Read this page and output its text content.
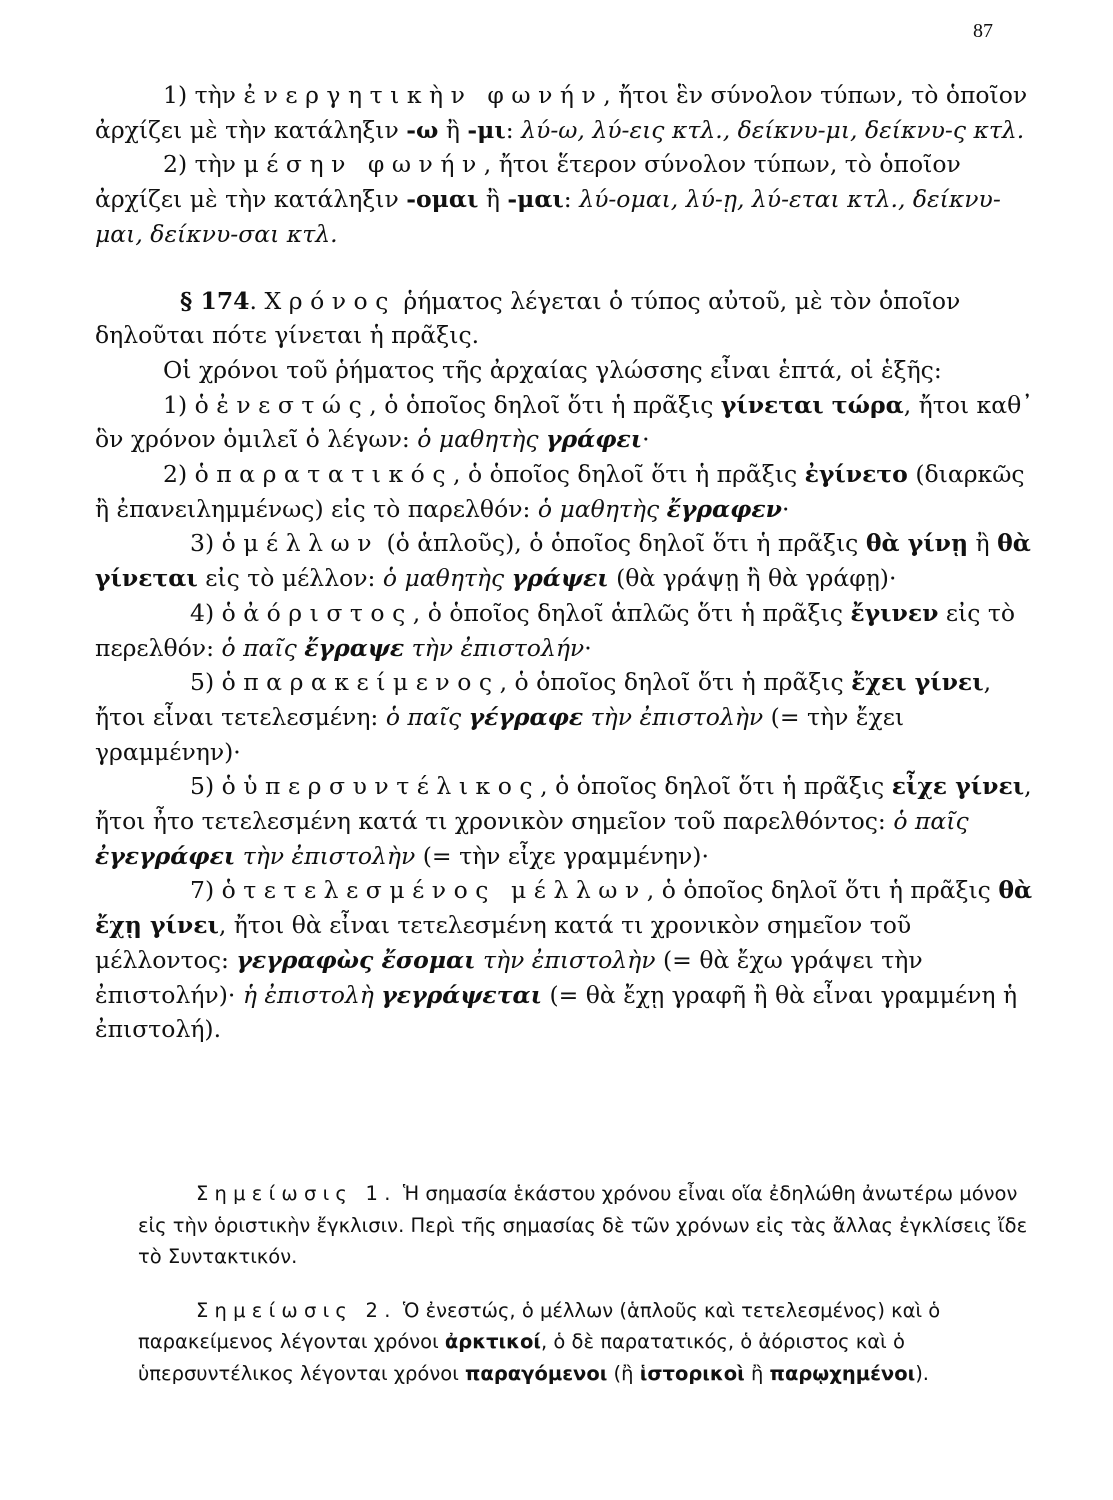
87

1) τὴν ἐνεργητικὴν φωνήν, ἤτοι ἓν σύνολον τύπων, τὸ ὁποῖον ἀρχίζει μὲ τὴν κατάληξιν -ω ἢ -μι: λύ-ω, λύ-εις κτλ., δείκνυ-μι, δείκνυ-ς κτλ.

2) τὴν μέσην φωνήν, ἤτοι ἕτερον σύνολον τύπων, τὸ ὁποῖον ἀρχίζει μὲ τὴν κατάληξιν -ομαι ἢ -μαι: λύ-ομαι, λύ-ῃ, λύ-εται κτλ., δείκνυ-μαι, δείκνυ-σαι κτλ.

§ 174. Χρόνος ῥήματος λέγεται ὁ τύπος αὐτοῦ, μὲ τὸν ὁποῖον δηλοῦται πότε γίνεται ἡ πρᾶξις.

Οἱ χρόνοι τοῦ ῥήματος τῆς ἀρχαίας γλώσσης εἶναι ἑπτά, οἱ ἑξῆς:

1) ὁ ἐνεστώς, ὁ ὁποῖος δηλοῖ ὅτι ἡ πρᾶξις γίνεται τώρα, ἤτοι καθ᾽ ὃν χρόνον ὁμιλεῖ ὁ λέγων: ὁ μαθητὴς γράφει·

2) ὁ παρατατικός, ὁ ὁποῖος δηλοῖ ὅτι ἡ πρᾶξις ἐγίνετο (διαρκῶς ἢ ἐπανειλημμένως) εἰς τὸ παρελθόν: ὁ μαθητὴς ἔγραφεν·

3) ὁ μέλλων (ὁ ἁπλοῦς), ὁ ὁποῖος δηλοῖ ὅτι ἡ πρᾶξις θὰ γίνῃ ἢ θὰ γίνεται εἰς τὸ μέλλον: ὁ μαθητὴς γράψει (θὰ γράψῃ ἢ θὰ γράφῃ)·

4) ὁ ἀόριστος, ὁ ὁποῖος δηλοῖ ἁπλῶς ὅτι ἡ πρᾶξις ἔγινεν εἰς τὸ περελθόν: ὁ παῖς ἔγραψε τὴν ἐπιστολήν·

5) ὁ παρακείμενος, ὁ ὁποῖος δηλοῖ ὅτι ἡ πρᾶξις ἔχει γίνει, ἤτοι εἶναι τετελεσμένη: ὁ παῖς γέγραφε τὴν ἐπιστολὴν (= τὴν ἔχει γραμμένην)·

5) ὁ ὑπερσυντέλικος, ὁ ὁποῖος δηλοῖ ὅτι ἡ πρᾶξις εἶχε γίνει, ἤτοι ἦτο τετελεσμένη κατά τι χρονικὸν σημεῖον τοῦ παρελθόντος: ὁ παῖς ἐγεγράφει τὴν ἐπιστολὴν (= τὴν εἶχε γραμμένην)·

7) ὁ τετελεσμένος μέλλων, ὁ ὁποῖος δηλοῖ ὅτι ἡ πρᾶξις θὰ ἔχῃ γίνει, ἤτοι θὰ εἶναι τετελεσμένη κατά τι χρονικὸν σημεῖον τοῦ μέλλοντος: γεγραφὼς ἔσομαι τὴν ἐπιστολὴν (= θὰ ἔχω γράψει τὴν ἐπιστολήν)· ἡ ἐπιστολὴ γεγράψεται (= θὰ ἔχῃ γραφῆ ἢ θὰ εἶναι γραμμένη ἡ ἐπιστολή).

Σημείωσις 1. Ἡ σημασία ἑκάστου χρόνου εἶναι οἵα ἐδηλώθη ἀνωτέρω μόνον εἰς τὴν ὁριστικὴν ἔγκλισιν. Περὶ τῆς σημασίας δὲ τῶν χρόνων εἰς τὰς ἄλλας ἐγκλίσεις ἴδε τὸ Συντακτικόν.

Σημείωσις 2. Ὁ ἐνεστώς, ὁ μέλλων (ἁπλοῦς καὶ τετελεσμένος) καὶ ὁ παρακείμενος λέγονται χρόνοι ἀρκτικοί, ὁ δὲ παρατατικός, ὁ ἀόριστος καὶ ὁ ὑπερσυντέλικος λέγονται χρόνοι παραγόμενοι (ἢ ἱστορικοὶ ἢ παρῳχημένοι).
